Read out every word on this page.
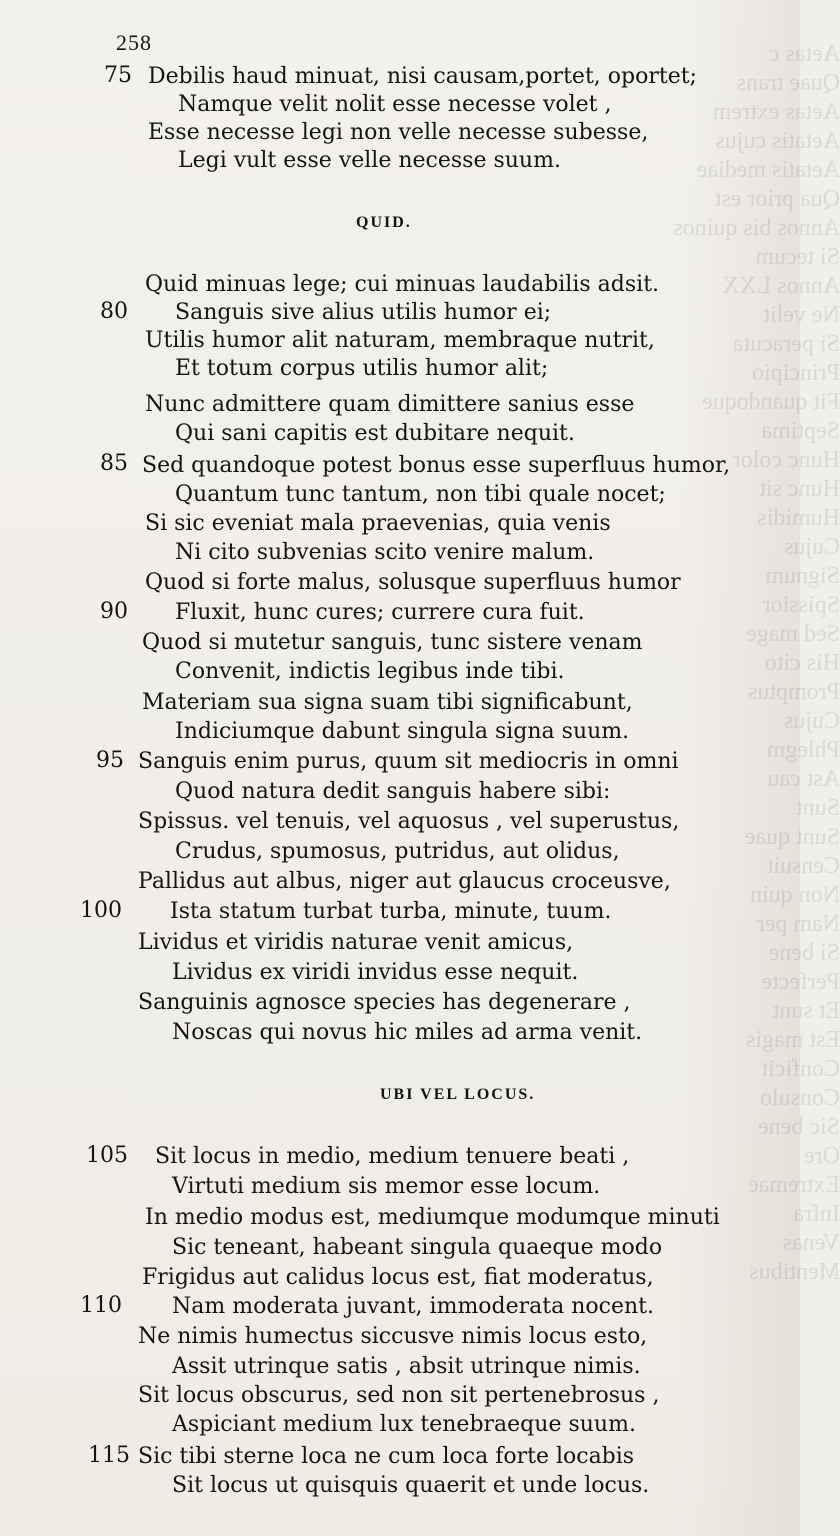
Aetas c
Quae trans
Aetas extrem
Aetatis cujus
Aetatis mediae
Qua prior est
Annos bis quinos
Si tecum
Annos LXX
Ne velit
Si peracuta
Principio
Fit quandoque
Septima
Hunc color
Hunc sit
Humidis
Cujus
Signum
Spissior
Sed mage
His cito
Promptus
Cujus
Phlegm
Ast cau
Sunt
Sunt quae
Censuit
Non quin
Nam per
Si bene
Perfecte
Et sunt
Est magis
Conficit
Consulo
Sic bene
Ore
Extremae
Infra
Venas
Mentibus
258
75 Debilis haud minuat, nisi causam,portet, oportet;
Namque velit nolit esse necesse volet ,
Esse necesse legi non velle necesse subesse,
Legi vult esse velle necesse suum.
QUID.
Quid minuas lege; cui minuas laudabilis adsit.
80 Sanguis sive alius utilis humor ei;
Utilis humor alit naturam, membraque nutrit,
Et totum corpus utilis humor alit;
Nunc admittere quam dimittere sanius esse
Qui sani capitis est dubitare nequit.
85 Sed quandoque potest bonus esse superfluus humor,
Quantum tunc tantum, non tibi quale nocet;
Si sic eveniat mala praevenias, quia venis
Ni cito subvenias scito venire malum.
Quod si forte malus, solusque superfluus humor
90 Fluxit, hunc cures; currere cura fuit.
Quod si mutetur sanguis, tunc sistere venam
Convenit, indictis legibus inde tibi.
Materiam sua signa suam tibi significabunt,
Indiciumque dabunt singula signa suum.
95 Sanguis enim purus, quum sit mediocris in omni
Quod natura dedit sanguis habere sibi:
Spissus. vel tenuis, vel aquosus , vel superustus,
Crudus, spumosus, putridus, aut olidus,
Pallidus aut albus, niger aut glaucus croceusve,
100 Ista statum turbat turba, minute, tuum.
Lividus et viridis naturae venit amicus,
Lividus ex viridi invidus esse nequit.
Sanguinis agnosce species has degenerare ,
Noscas qui novus hic miles ad arma venit.
UBI VEL LOCUS.
105 Sit locus in medio, medium tenuere beati ,
Virtuti medium sis memor esse locum.
In medio modus est, mediumque modumque minuti
Sic teneant, habeant singula quaeque modo
Frigidus aut calidus locus est, fiat moderatus,
110 Nam moderata juvant, immoderata nocent.
Ne nimis humectus siccusve nimis locus esto,
Assit utrinque satis , absit utrinque nimis.
Sit locus obscurus, sed non sit pertenebrosus ,
Aspiciant medium lux tenebraeque suum.
115 Sic tibi sterne loca ne cum loca forte locabis
Sit locus ut quisquis quaerit et unde locus.
